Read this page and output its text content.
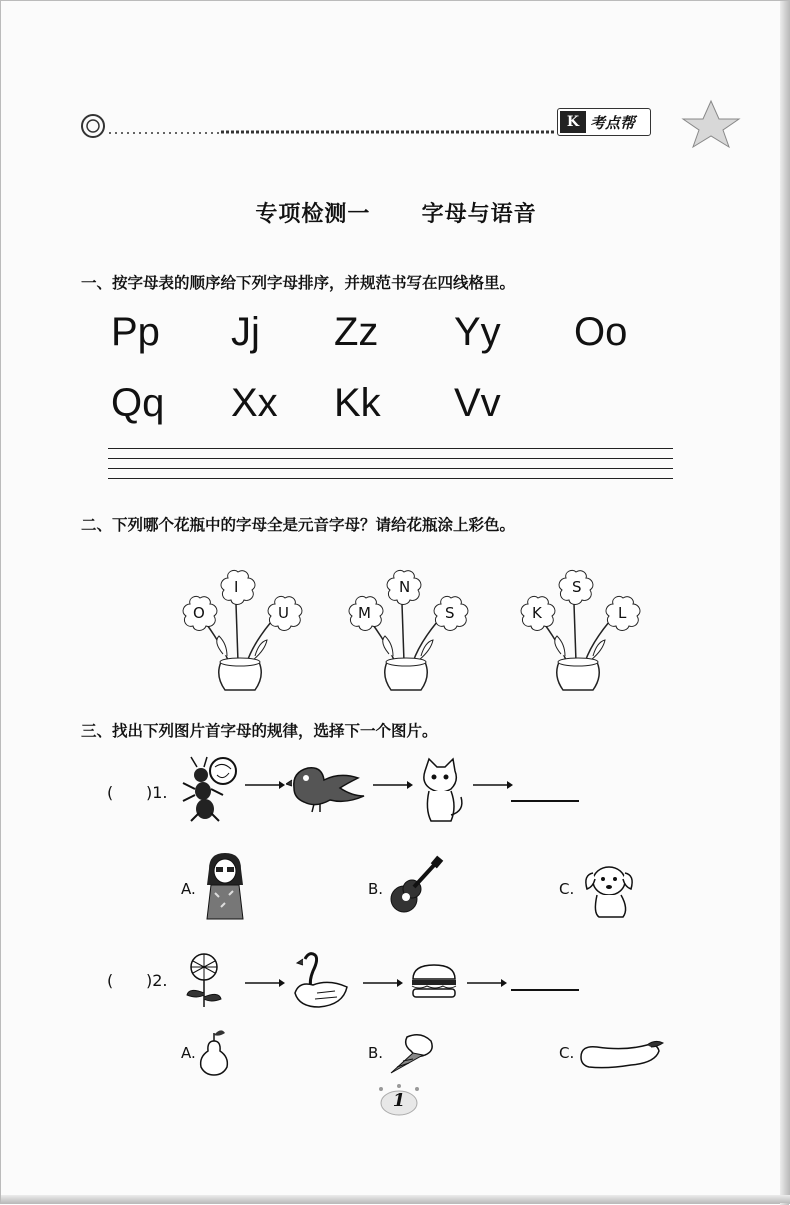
K 考点帮
专项检测一 字母与语音
一、按字母表的顺序给下列字母排序，并规范书写在四线格里。
Pp Jj Zz Yy Oo
Qq Xx Kk Vv
二、下列哪个花瓶中的字母全是元音字母？请给花瓶涂上彩色。
O
I
U	M
N
S	K
S
L
三、找出下列图片首字母的规律，选择下一个图片。
( )1.
A.	B.	C.
( )2.
A.	B.	C.
1
